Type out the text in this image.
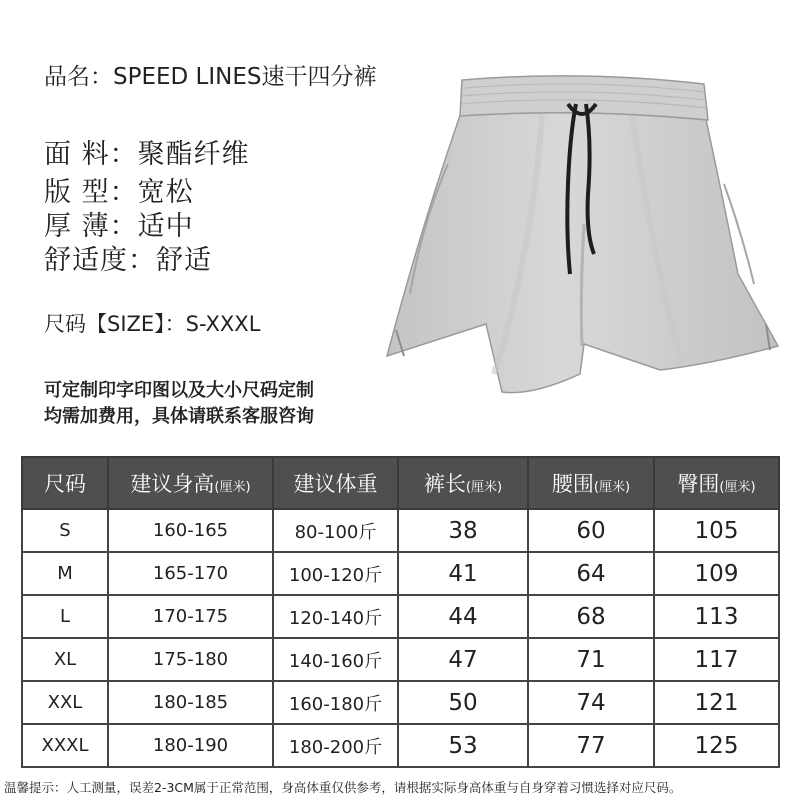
品名：SPEED LINES速干四分裤
面 料：聚酯纤维
版 型：宽松
厚 薄：适中
舒适度：舒适
尺码【SIZE】：S-XXXL
可定制印字印图以及大小尺码定制
均需加费用，具体请联系客服咨询
尺码	建议身高(厘米)	建议体重	裤长(厘米)	腰围(厘米)	臀围(厘米)
S	160-165	80-100斤	38	60	105
M	165-170	100-120斤	41	64	109
L	170-175	120-140斤	44	68	113
XL	175-180	140-160斤	47	71	117
XXL	180-185	160-180斤	50	74	121
XXXL	180-190	180-200斤	53	77	125
温馨提示：人工测量，误差2-3CM属于正常范围，身高体重仅供参考，请根据实际身高体重与自身穿着习惯选择对应尺码。
